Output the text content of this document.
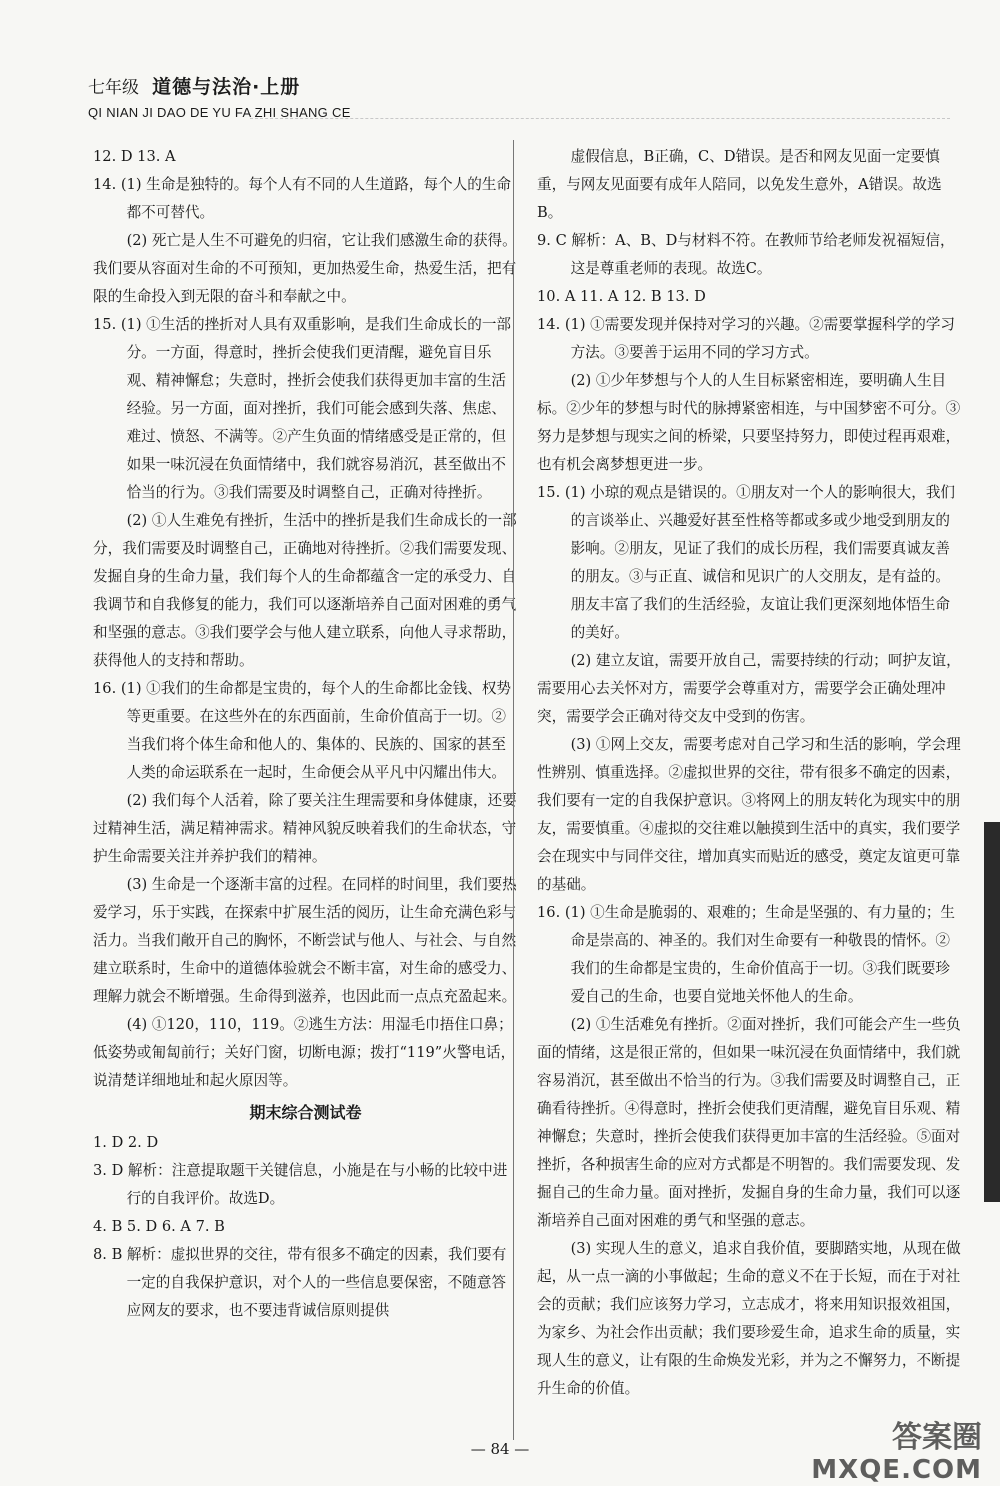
七年级 道德与法治·上册
QI NIAN JI DAO DE YU FA ZHI SHANG CE

12. D 13. A

14. (1) 生命是独特的。每个人有不同的人生道路，每个人的生命都不可替代。

(2) 死亡是人生不可避免的归宿，它让我们感激生命的获得。我们要从容面对生命的不可预知，更加热爱生命，热爱生活，把有限的生命投入到无限的奋斗和奉献之中。

15. (1) ①生活的挫折对人具有双重影响，是我们生命成长的一部分。一方面，得意时，挫折会使我们更清醒，避免盲目乐观、精神懈怠；失意时，挫折会使我们获得更加丰富的生活经验。另一方面，面对挫折，我们可能会感到失落、焦虑、难过、愤怒、不满等。②产生负面的情绪感受是正常的，但如果一味沉浸在负面情绪中，我们就容易消沉，甚至做出不恰当的行为。③我们需要及时调整自己，正确对待挫折。

(2) ①人生难免有挫折，生活中的挫折是我们生命成长的一部分，我们需要及时调整自己，正确地对待挫折。②我们需要发现、发掘自身的生命力量，我们每个人的生命都蕴含一定的承受力、自我调节和自我修复的能力，我们可以逐渐培养自己面对困难的勇气和坚强的意志。③我们要学会与他人建立联系，向他人寻求帮助，获得他人的支持和帮助。

16. (1) ①我们的生命都是宝贵的，每个人的生命都比金钱、权势等更重要。在这些外在的东西面前，生命价值高于一切。②当我们将个体生命和他人的、集体的、民族的、国家的甚至人类的命运联系在一起时，生命便会从平凡中闪耀出伟大。

(2) 我们每个人活着，除了要关注生理需要和身体健康，还要过精神生活，满足精神需求。精神风貌反映着我们的生命状态，守护生命需要关注并养护我们的精神。

(3) 生命是一个逐渐丰富的过程。在同样的时间里，我们要热爱学习，乐于实践，在探索中扩展生活的阅历，让生命充满色彩与活力。当我们敞开自己的胸怀，不断尝试与他人、与社会、与自然建立联系时，生命中的道德体验就会不断丰富，对生命的感受力、理解力就会不断增强。生命得到滋养，也因此而一点点充盈起来。

(4) ①120，110，119。②逃生方法：用湿毛巾捂住口鼻；低姿势或匍匐前行；关好门窗，切断电源；拨打“119”火警电话，说清楚详细地址和起火原因等。

期末综合测试卷

1. D 2. D

3. D 解析：注意提取题干关键信息，小施是在与小畅的比较中进行的自我评价。故选D。

4. B 5. D 6. A 7. B

8. B 解析：虚拟世界的交往，带有很多不确定的因素，我们要有一定的自我保护意识，对个人的一些信息要保密，不随意答应网友的要求，也不要违背诚信原则提供

虚假信息，B正确，C、D错误。是否和网友见面一定要慎重，与网友见面要有成年人陪同，以免发生意外，A错误。故选B。

9. C 解析：A、B、D与材料不符。在教师节给老师发祝福短信，这是尊重老师的表现。故选C。

10. A 11. A 12. B 13. D

14. (1) ①需要发现并保持对学习的兴趣。②需要掌握科学的学习方法。③要善于运用不同的学习方式。

(2) ①少年梦想与个人的人生目标紧密相连，要明确人生目标。②少年的梦想与时代的脉搏紧密相连，与中国梦密不可分。③努力是梦想与现实之间的桥梁，只要坚持努力，即使过程再艰难，也有机会离梦想更进一步。

15. (1) 小琼的观点是错误的。①朋友对一个人的影响很大，我们的言谈举止、兴趣爱好甚至性格等都或多或少地受到朋友的影响。②朋友，见证了我们的成长历程，我们需要真诚友善的朋友。③与正直、诚信和见识广的人交朋友，是有益的。朋友丰富了我们的生活经验，友谊让我们更深刻地体悟生命的美好。

(2) 建立友谊，需要开放自己，需要持续的行动；呵护友谊，需要用心去关怀对方，需要学会尊重对方，需要学会正确处理冲突，需要学会正确对待交友中受到的伤害。

(3) ①网上交友，需要考虑对自己学习和生活的影响，学会理性辨别、慎重选择。②虚拟世界的交往，带有很多不确定的因素，我们要有一定的自我保护意识。③将网上的朋友转化为现实中的朋友，需要慎重。④虚拟的交往难以触摸到生活中的真实，我们要学会在现实中与同伴交往，增加真实而贴近的感受，奠定友谊更可靠的基础。

16. (1) ①生命是脆弱的、艰难的；生命是坚强的、有力量的；生命是崇高的、神圣的。我们对生命要有一种敬畏的情怀。②我们的生命都是宝贵的，生命价值高于一切。③我们既要珍爱自己的生命，也要自觉地关怀他人的生命。

(2) ①生活难免有挫折。②面对挫折，我们可能会产生一些负面的情绪，这是很正常的，但如果一味沉浸在负面情绪中，我们就容易消沉，甚至做出不恰当的行为。③我们需要及时调整自己，正确看待挫折。④得意时，挫折会使我们更清醒，避免盲目乐观、精神懈怠；失意时，挫折会使我们获得更加丰富的生活经验。⑤面对挫折，各种损害生命的应对方式都是不明智的。我们需要发现、发掘自己的生命力量。面对挫折，发掘自身的生命力量，我们可以逐渐培养自己面对困难的勇气和坚强的意志。

(3) 实现人生的意义，追求自我价值，要脚踏实地，从现在做起，从一点一滴的小事做起；生命的意义不在于长短，而在于对社会的贡献；我们应该努力学习，立志成才，将来用知识报效祖国，为家乡、为社会作出贡献；我们要珍爱生命，追求生命的质量，实现人生的意义，让有限的生命焕发光彩，并为之不懈努力，不断提升生命的价值。

— 84 —	答案圈
MXQE.COM
